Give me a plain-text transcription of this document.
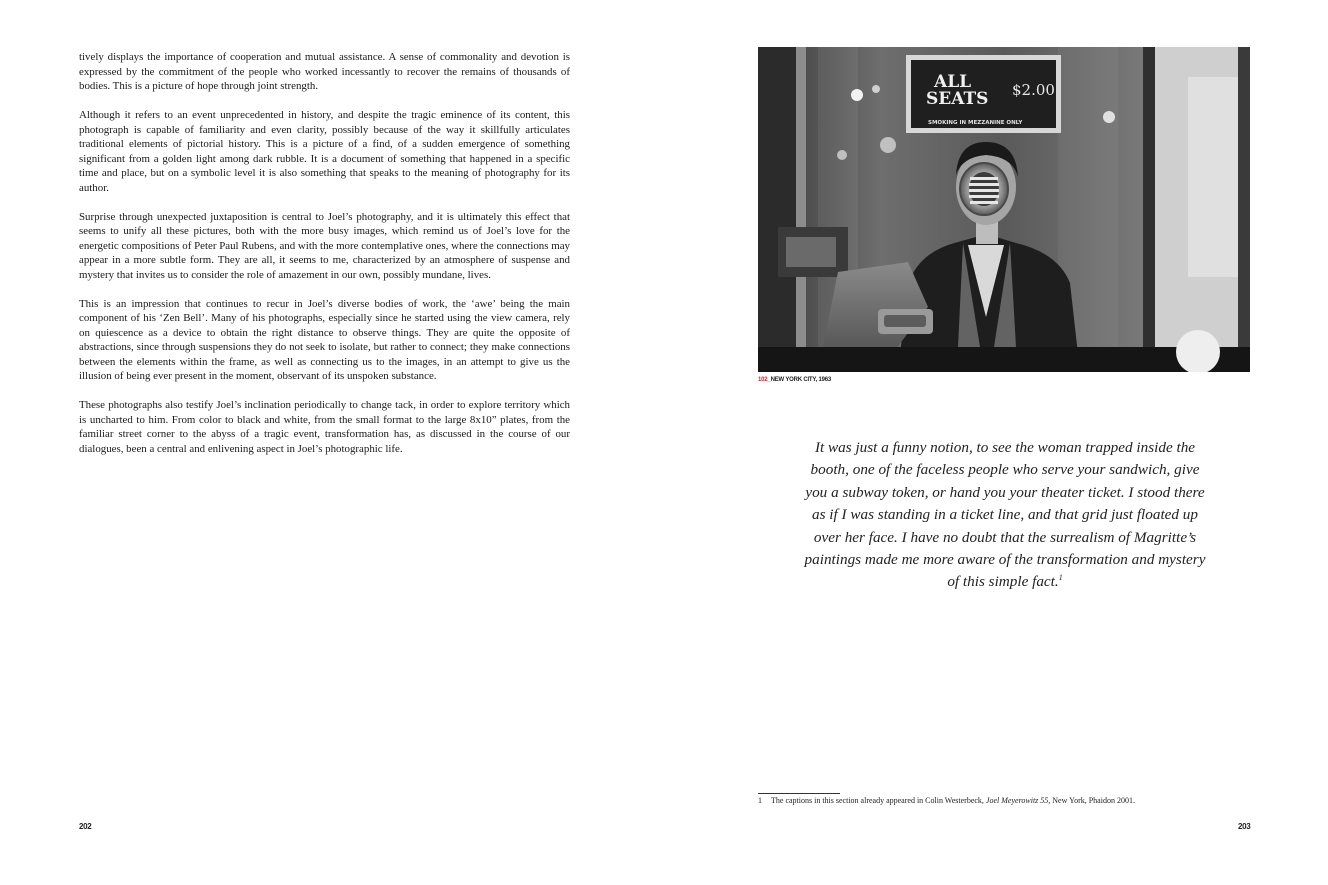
tively displays the importance of cooperation and mutual assistance. A sense of commonality and devotion is expressed by the commitment of the people who worked incessantly to recover the remains of thousands of bodies. This is a picture of hope through joint strength.

Although it refers to an event unprecedented in history, and despite the tragic eminence of its content, this photograph is capable of familiarity and even clarity, possibly because of the way it skillfully articulates traditional elements of pictorial history. This is a picture of a find, of a sudden emergence of something significant from a golden light among dark rubble. It is a document of something that happened in a specific time and place, but on a symbolic level it is also something that speaks to the meaning of photography for its author.

Surprise through unexpected juxtaposition is central to Joel’s photography, and it is ultimately this effect that seems to unify all these pictures, both with the more busy images, which remind us of Joel’s love for the energetic compositions of Peter Paul Rubens, and with the more contemplative ones, where the connections may appear in a more subtle form. They are all, it seems to me, characterized by an atmosphere of suspense and mystery that invites us to consider the role of amazement in our own, possibly mundane, lives.

This is an impression that continues to recur in Joel’s diverse bodies of work, the ‘awe’ being the main component of his ‘Zen Bell’. Many of his photographs, especially since he started using the view camera, rely on quiescence as a device to obtain the right distance to observe things. They are quite the opposite of abstractions, since through suspensions they do not seek to isolate, but rather to connect; they make connections between the elements within the frame, as well as connecting us to the images, in an attempt to give us the illusion of being ever present in the moment, observant of its unspoken substance.

These photographs also testify Joel’s inclination periodically to change tack, in order to explore territory which is uncharted to him. From color to black and white, from the small format to the large 8x10” plates, from the familiar street corner to the abyss of a tragic event, transformation has, as discussed in the course of our dialogues, been a central and enlivening aspect in Joel’s photographic life.

202
ALL
SEATS $2.00
SMOKING IN MEZZANINE ONLY
102_NEW YORK CITY, 1963
It was just a funny notion, to see the woman trapped inside the booth, one of the faceless people who serve your sandwich, give you a subway token, or hand you your theater ticket. I stood there as if I was standing in a ticket line, and that grid just floated up over her face. I have no doubt that the surrealism of Magritte’s paintings made me more aware of the transformation and mystery of this simple fact.$^1$
1 The captions in this section already appeared in Colin Westerbeck, Joel Meyerowitz 55, New York, Phaidon 2001.
203
